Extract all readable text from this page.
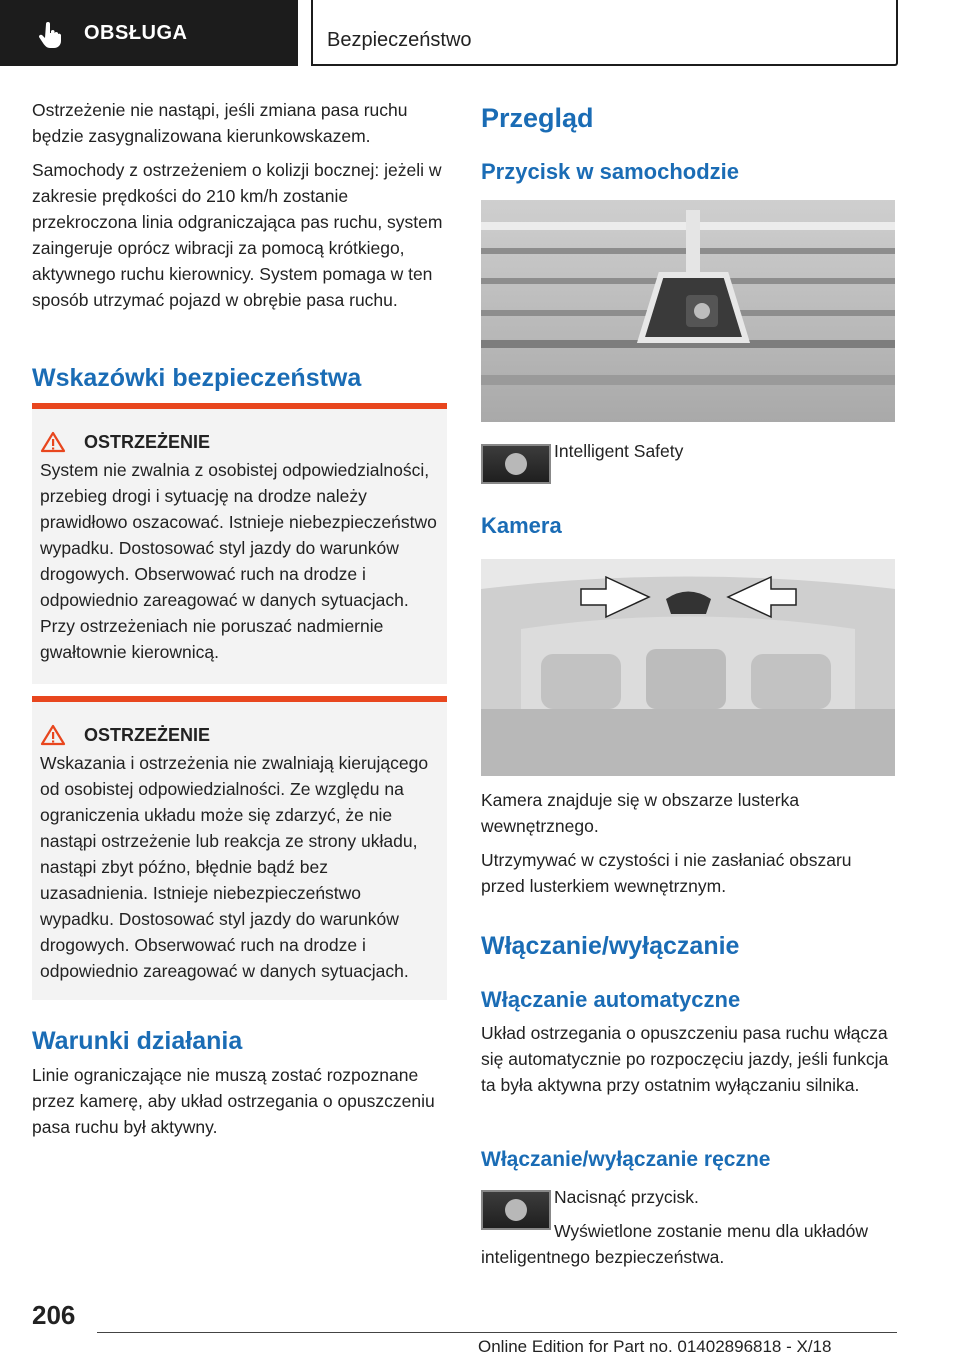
OBSŁUGA	Bezpieczeństwo

Ostrzeżenie nie nastąpi, jeśli zmiana pasa ruchu będzie zasygnalizowana kierunkowskazem.

Samochody z ostrzeżeniem o kolizji bocznej: jeżeli w zakresie prędkości do 210 km/h zostanie przekroczona linia odgraniczająca pas ruchu, system zaingeruje oprócz wibracji za pomocą krótkiego, aktywnego ruchu kierownicy. System pomaga w ten sposób utrzymać pojazd w obrębie pasa ruchu.

Wskazówki bezpieczeństwa
OSTRZEŻENIE
System nie zwalnia z osobistej odpowiedzialności, przebieg drogi i sytuację na drodze należy prawidłowo oszacować. Istnieje niebezpieczeństwo wypadku. Dostosować styl jazdy do warunków drogowych. Obserwować ruch na drodze i odpowiednio zareagować w danych sytuacjach. Przy ostrzeżeniach nie poruszać nadmiernie gwałtownie kierownicą.
OSTRZEŻENIE
Wskazania i ostrzeżenia nie zwalniają kierującego od osobistej odpowiedzialności. Ze względu na ograniczenia układu może się zdarzyć, że nie nastąpi ostrzeżenie lub reakcja ze strony układu, nastąpi zbyt późno, błędnie bądź bez uzasadnienia. Istnieje niebezpieczeństwo wypadku. Dostosować styl jazdy do warunków drogowych. Obserwować ruch na drodze i odpowiednio zareagować w danych sytuacjach.
Warunki działania

Linie ograniczające nie muszą zostać rozpoznane przez kamerę, aby układ ostrzegania o opuszczeniu pasa ruchu był aktywny.

Przegląd
Przycisk w samochodzie
Intelligent Safety
Kamera

Kamera znajduje się w obszarze lusterka wewnętrznego.

Utrzymywać w czystości i nie zasłaniać obszaru przed lusterkiem wewnętrznym.

Włączanie/wyłączanie
Włączanie automatyczne

Układ ostrzegania o opuszczeniu pasa ruchu włącza się automatycznie po rozpoczęciu jazdy, jeśli funkcja ta była aktywna przy ostatnim wyłączaniu silnika.

Włączanie/wyłączanie ręczne

Nacisnąć przycisk.

Wyświetlone zostanie menu dla układów inteligentnego bezpieczeństwa.

206
Online Edition for Part no. 01402896818 - X/18
